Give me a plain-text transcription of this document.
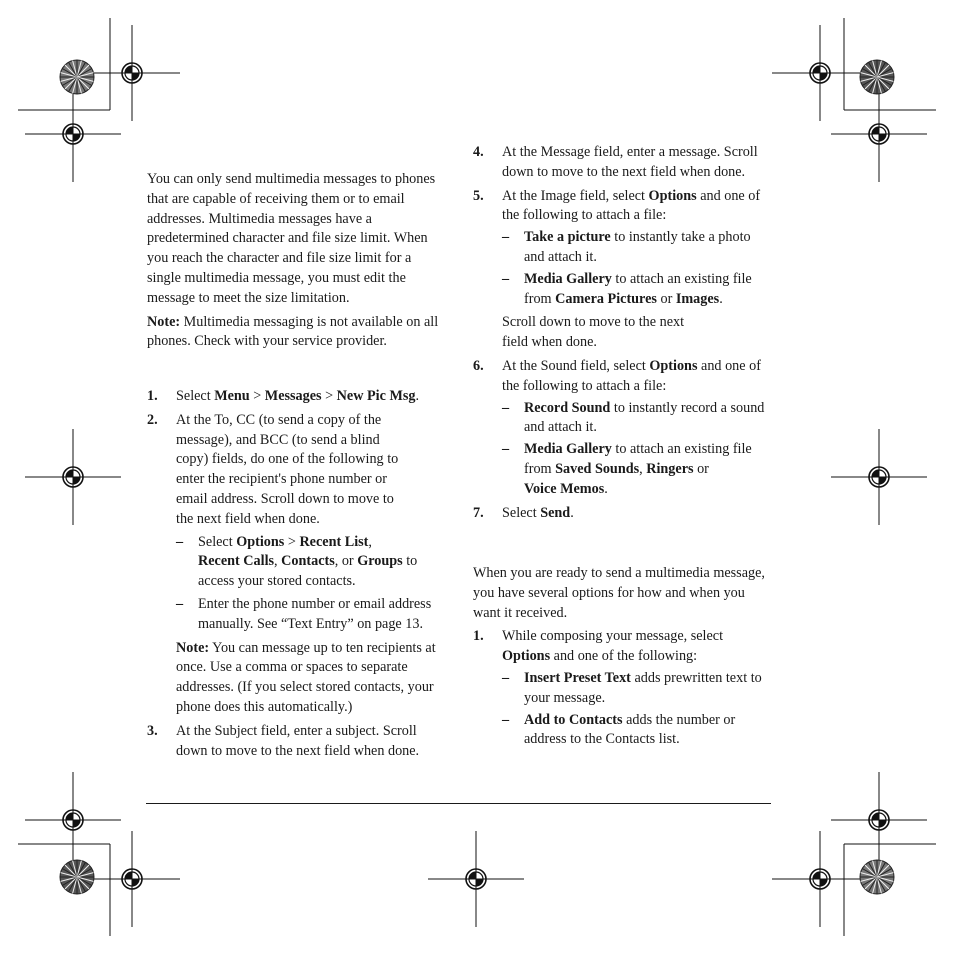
You can only send multimedia messages to phones that are capable of receiving them or to email addresses. Multimedia messages have a predetermined character and file size limit. When you reach the character and file size limit for a single multimedia message, you must edit the message to meet the size limitation.

Note: Multimedia messaging is not available on all phones. Check with your service provider.

1. Select Menu > Messages > New Pic Msg.
2. At the To, CC (to send a copy of the message), and BCC (to send a blind copy) fields, do one of the following to enter the recipient's phone number or email address. Scroll down to move to the next field when done.
– Select Options > Recent List,
Recent Calls, Contacts, or Groups to access your stored contacts.
– Enter the phone number or email address manually. See “Text Entry” on page 13.

Note: You can message up to ten recipients at once. Use a comma or spaces to separate addresses. (If you select stored contacts, your phone does this automatically.)

3. At the Subject field, enter a subject. Scroll down to move to the next field when done.
4. At the Message field, enter a message. Scroll down to move to the next field when done.
5. At the Image field, select Options and one of the following to attach a file:
– Take a picture to instantly take a photo and attach it.
– Media Gallery to attach an existing file from Camera Pictures or Images.

Scroll down to move to the next field when done.

6. At the Sound field, select Options and one of the following to attach a file:
– Record Sound to instantly record a sound and attach it.
– Media Gallery to attach an existing file from Saved Sounds, Ringers or
Voice Memos.
7. Select Send.

When you are ready to send a multimedia message, you have several options for how and when you want it received.

1. While composing your message, select Options and one of the following:
– Insert Preset Text adds prewritten text to your message.
– Add to Contacts adds the number or address to the Contacts list.
